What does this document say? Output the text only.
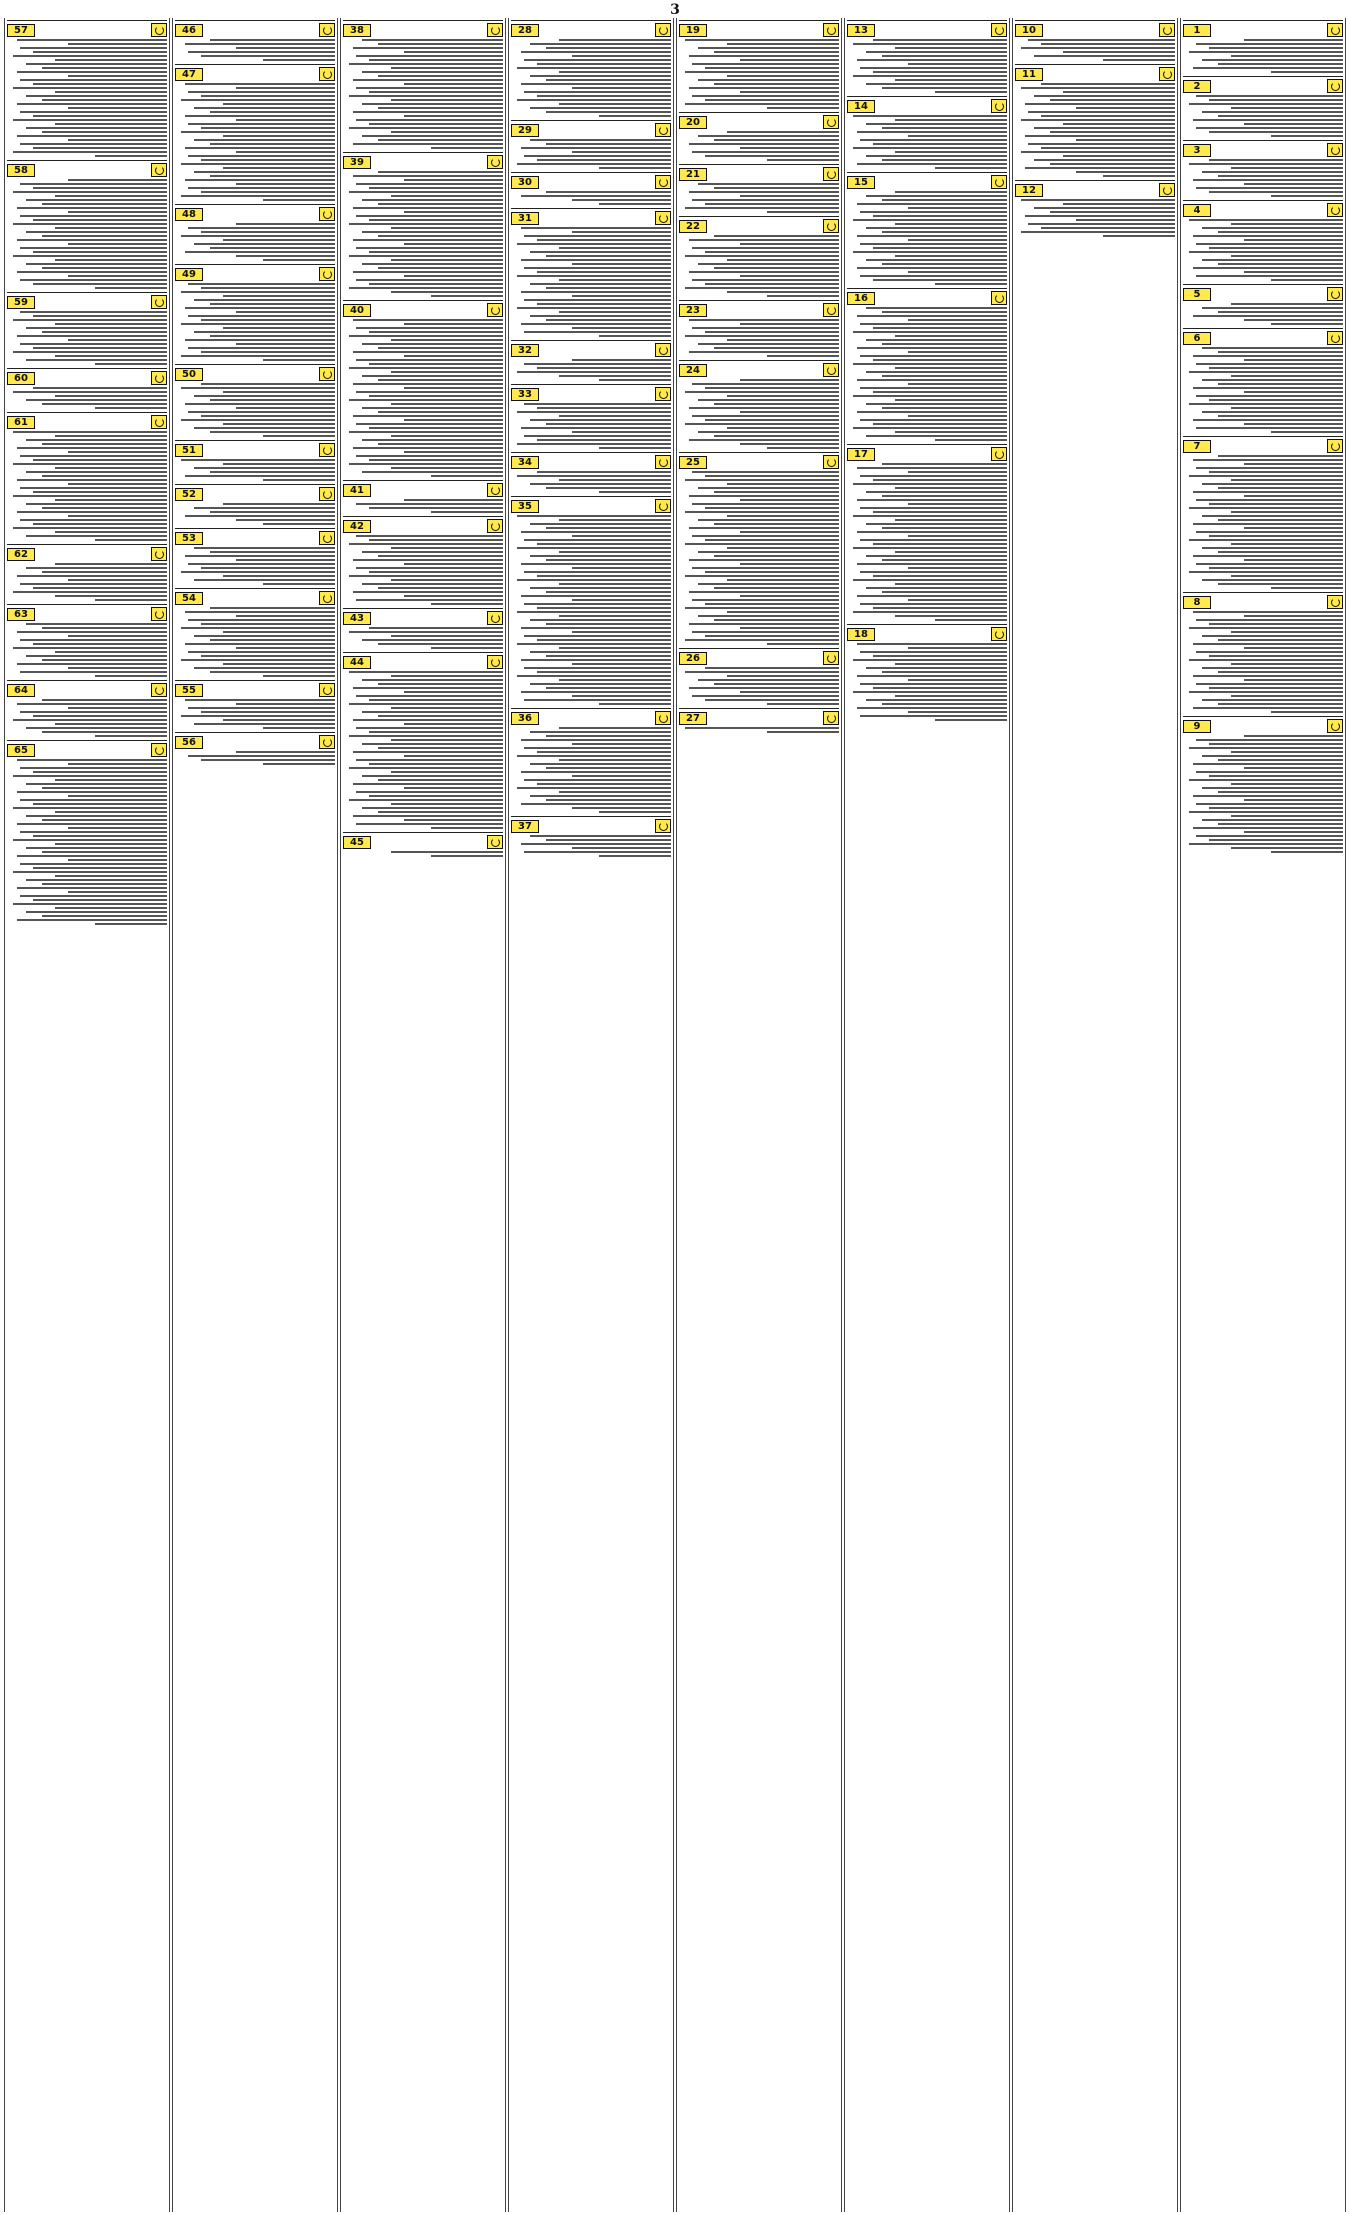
3
1
2
3
4
5
6
7
8
9
10
11
12
13
14
15
16
17
18
19
20
21
22
23
24
25
26
27
28
29
30
31
32
33
34
35
36
37
38
39
40
41
42
43
44
45
46
47
48
49
50
51
52
53
54
55
56
57
58
59
60
61
62
63
64
65
